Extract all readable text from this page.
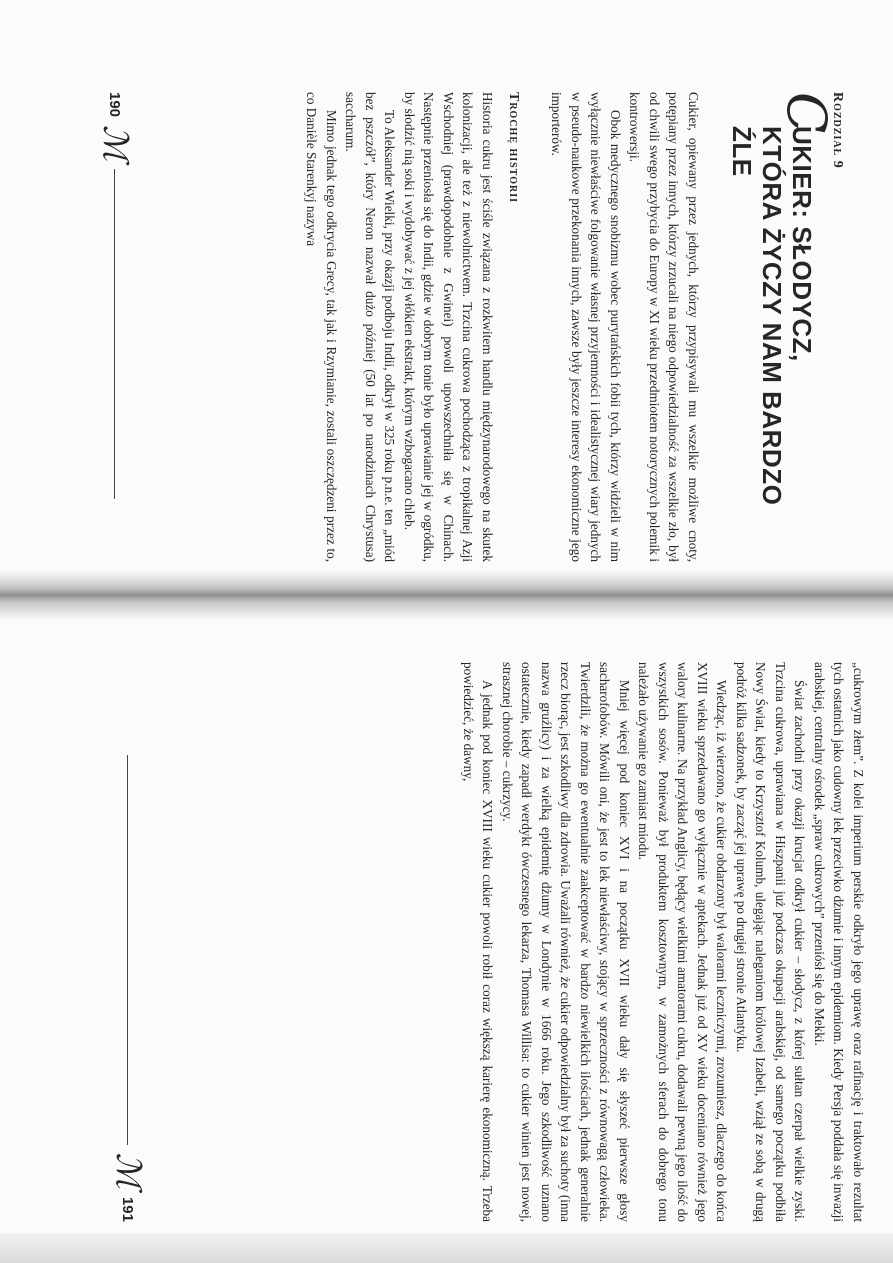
Rozdział 9
C
UKIER: SŁODYCZ,
KTÓRA ŻYCZY NAM BARDZO ŹLE

Cukier, opiewany przez jednych, którzy przypisywali mu wszelkie możliwe cnoty, potępiany przez innych, którzy zrzucali na niego odpowiedzialność za wszelkie zło, był od chwili swego przybycia do Europy w XI wieku przedmiotem notorycznych polemik i kontrowersji.

Obok medycznego snobizmu wobec purytańskich fobii tych, którzy widzieli w nim wyłącznie niewłaściwe folgowanie własnej przyjemności i idealistycznej wiary jednych w pseudo-naukowe przekonania innych, zawsze były jeszcze interesy ekonomiczne jego importerów.

Trochę historii

Historia cukru jest ściśle związana z rozkwitem handlu międzynarodowego na skutek kolonizacji, ale też z niewolnictwem. Trzcina cukrowa pochodząca z tropikalnej Azji Wschodniej (prawdopodobnie z Gwinei) powoli upowszechniła się w Chinach. Następnie przeniosła się do Indii, gdzie w dobrym tonie było uprawianie jej w ogródku, by słodzić nią soki i wydobywać z jej włókien ekstrakt, którym wzbogacano chleb.

To Aleksander Wielki, przy okazji podboju Indii, odkrył w 325 roku p.n.e. ten „miód bez pszczół”, który Neron nazwał dużo później (50 lat po narodzinach Chrystusa) saccharum.

Mimo jednak tego odkrycia Grecy, tak jak i Rzymianie, zostali oszczędzeni przez to, co Danièle Starenkyj nazywa

190
ℳ

„cukrowym złem”. Z kolei imperium perskie odkryło jego uprawę oraz rafinację i traktowało rezultat tych ostatnich jako cudowny lek przeciwko dżumie i innym epidemiom. Kiedy Persja poddała się inwazji arabskiej, centralny ośrodek „spraw cukrowych” przeniósł się do Mekki.

Świat zachodni przy okazji krucjat odkrył cukier – słodycz, z której sułtan czerpał wielkie zyski. Trzcina cukrowa, uprawiana w Hiszpanii już podczas okupacji arabskiej, od samego początku podbiła Nowy Świat, kiedy to Krzysztof Kolumb, ulegając naleganiom królowej Izabeli, wziął ze sobą w drugą podróż kilka sadzonek, by zacząć jej uprawę po drugiej stronie Atlantyku.

Wiedząc, iż wierzono, że cukier obdarzony był walorami leczniczymi, zrozumiesz, dlaczego do końca XVIII wieku sprzedawano go wyłącznie w aptekach. Jednak już od XV wieku doceniano również jego walory kulinarne. Na przykład Anglicy, będący wielkimi amatorami cukru, dodawali pewną jego ilość do wszystkich sosów. Ponieważ był produktem kosztownym, w zamożnych sferach do dobrego tonu należało używanie go zamiast miodu.

Mniej więcej pod koniec XVI i na początku XVII wieku dały się słyszeć pierwsze głosy sacharofobów. Mówili oni, że jest to lek niewłaściwy, stojący w sprzeczności z równowagą człowieka. Twierdzili, że można go ewentualnie zaakceptować w bardzo niewielkich ilościach, jednak generalnie rzecz biorąc, jest szkodliwy dla zdrowia. Uważali również, że cukier odpowiedzialny był za suchoty (inna nazwa gruźlicy) i za wielką epidemię dżumy w Londynie w 1666 roku. Jego szkodliwość uznano ostatecznie, kiedy zapadł werdykt ówczesnego lekarza, Thomasa Willisa: to cukier winien jest nowej, strasznej chorobie – cukrzycy.

A jednak pod koniec XVIII wieku cukier powoli robił coraz większą karierę ekonomiczną. Trzeba powiedzieć, że dawny,

ℳ
191
